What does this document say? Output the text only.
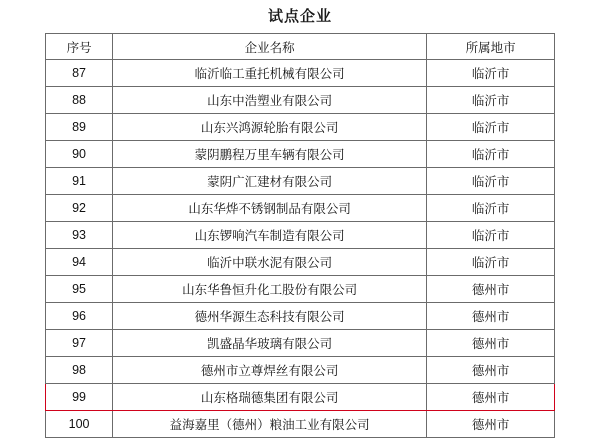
试点企业
序号	企业名称	所属地市
87	临沂临工重托机械有限公司	临沂市
88	山东中浩塑业有限公司	临沂市
89	山东兴鸿源轮胎有限公司	临沂市
90	蒙阴鹏程万里车辆有限公司	临沂市
91	蒙阴广汇建材有限公司	临沂市
92	山东华烨不锈钢制品有限公司	临沂市
93	山东锣响汽车制造有限公司	临沂市
94	临沂中联水泥有限公司	临沂市
95	山东华鲁恒升化工股份有限公司	德州市
96	德州华源生态科技有限公司	德州市
97	凯盛晶华玻璃有限公司	德州市
98	德州市立尊焊丝有限公司	德州市
99	山东格瑞德集团有限公司	德州市
100	益海嘉里（德州）粮油工业有限公司	德州市
